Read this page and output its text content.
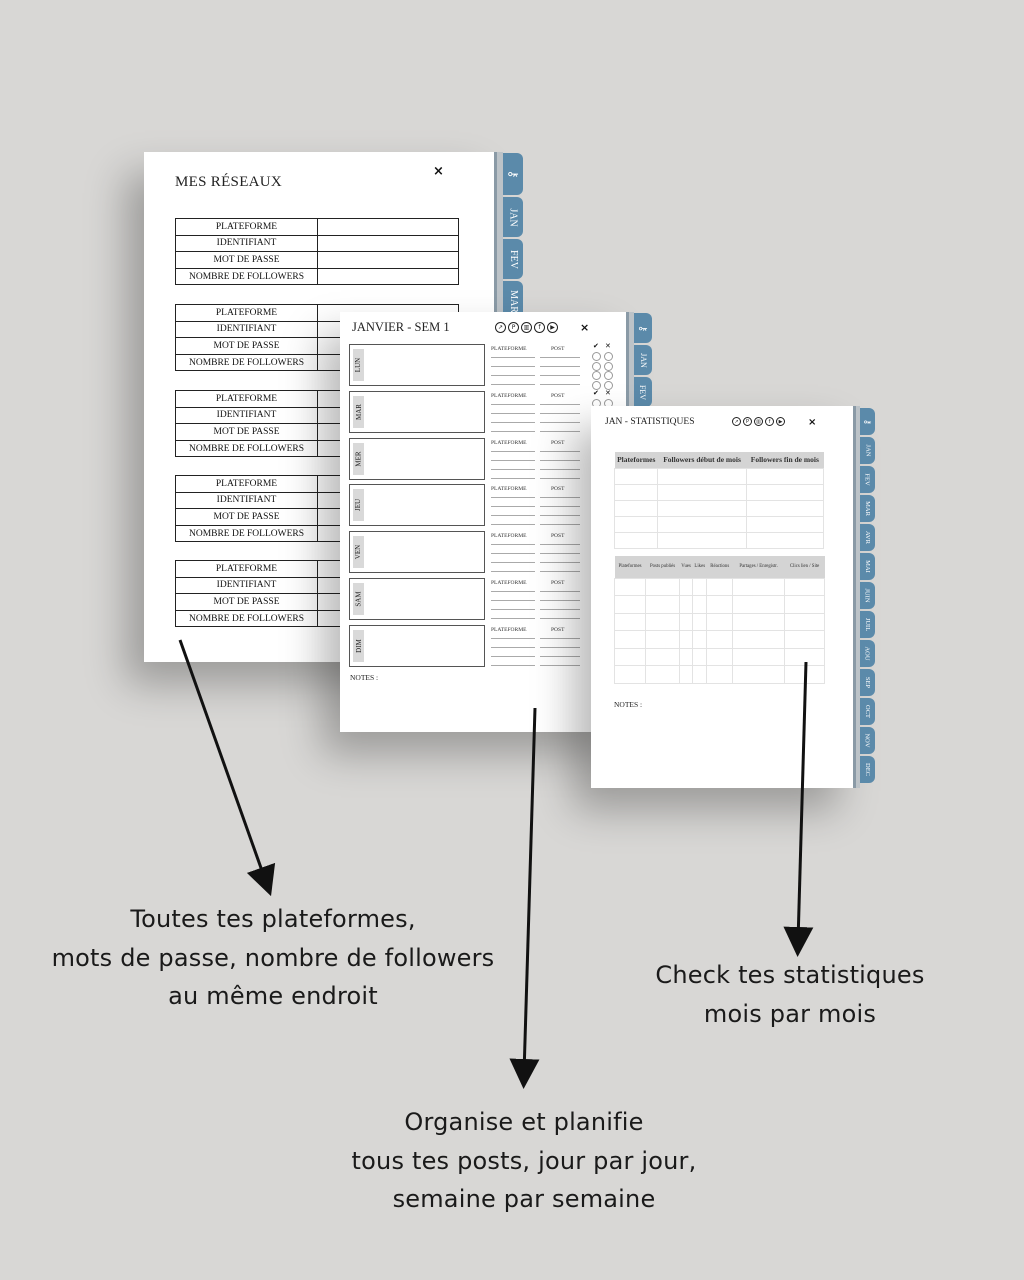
MES RÉSEAUX
×
PLATEFORME	
IDENTIFIANT	
MOT DE PASSE	
NOMBRE DE FOLLOWERS	
PLATEFORME	
IDENTIFIANT	
MOT DE PASSE	
NOMBRE DE FOLLOWERS	
PLATEFORME	
IDENTIFIANT	
MOT DE PASSE	
NOMBRE DE FOLLOWERS	
PLATEFORME	
IDENTIFIANT	
MOT DE PASSE	
NOMBRE DE FOLLOWERS	
PLATEFORME	
IDENTIFIANT	
MOT DE PASSE	
NOMBRE DE FOLLOWERS	
⚷
JAN
FEV
MAR
JANVIER - SEM 1	↗	P	▥	f	▶ ×
LUN
PLATEFORME	POST	✔ ✕
MAR
PLATEFORME	POST	✔ ✕
MER
PLATEFORME	POST
JEU
PLATEFORME	POST
VEN
PLATEFORME	POST
SAM
PLATEFORME	POST
DIM
PLATEFORME	POST
NOTES :
⚷
JAN
FEV
JAN - STATISTIQUES	↗	P	▥	f	▶	×
Plateformes	Followers début de mois	Followers fin de mois

Plateformes	Posts publiés	Vues	Likes	Réactions	Partages / Enregistr.	Clics lien / Site

NOTES :
⚷
JAN
FEV
MAR
AVR
MAI
JUIN
JUIL
AOU
SEP
OCT
NOV
DEC
Toutes tes plateformes,
mots de passe, nombre de followers
au même endroit
Check tes statistiques
mois par mois
Organise et planifie
tous tes posts, jour par jour,
semaine par semaine
